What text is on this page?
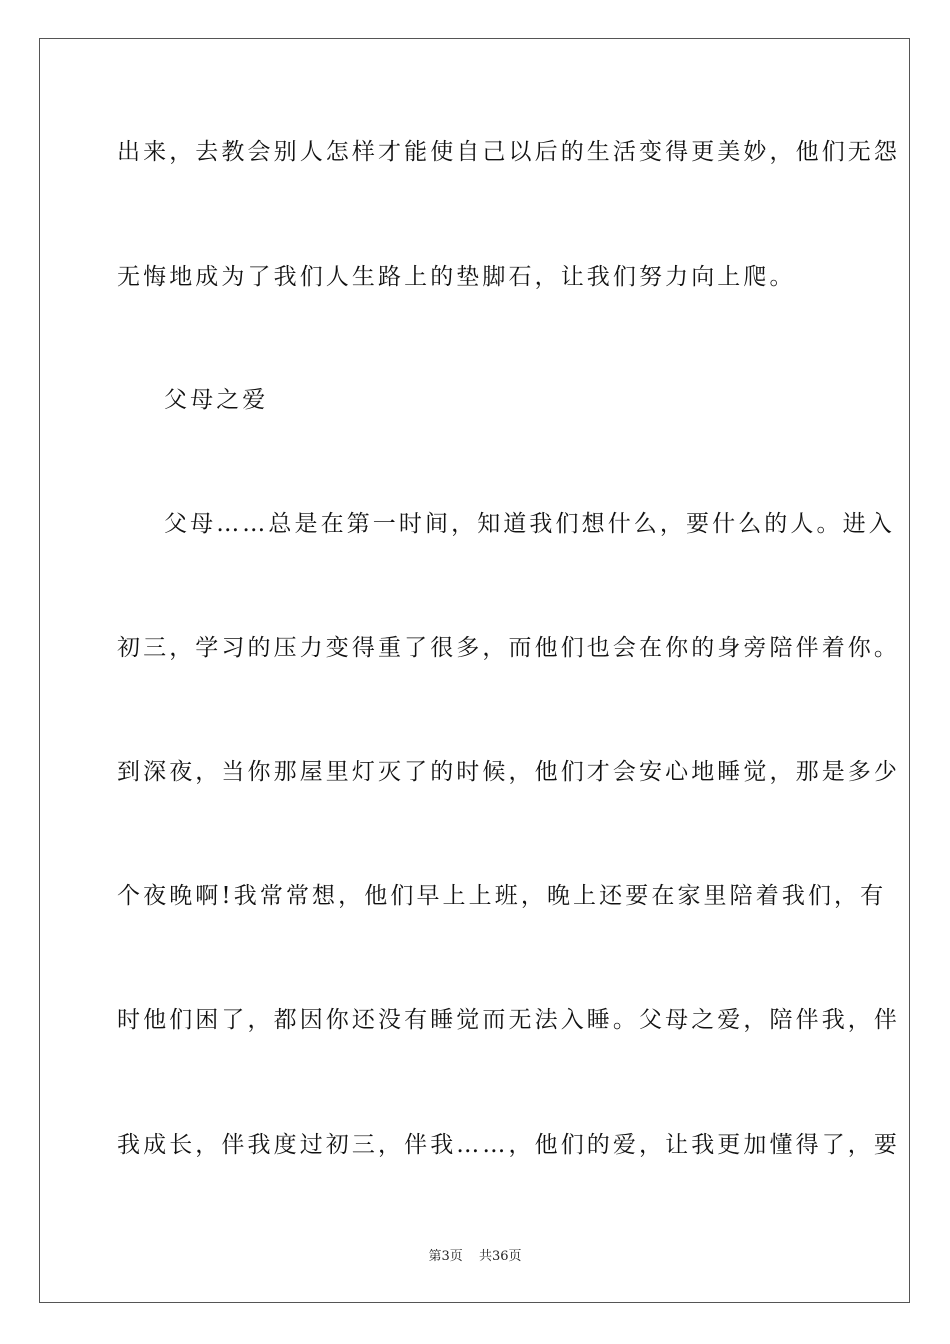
出来，去教会别人怎样才能使自己以后的生活变得更美妙，他们无怨
无悔地成为了我们人生路上的垫脚石，让我们努力向上爬。
父母之爱
父母……总是在第一时间，知道我们想什么，要什么的人。进入
初三，学习的压力变得重了很多，而他们也会在你的身旁陪伴着你。
到深夜，当你那屋里灯灭了的时候，他们才会安心地睡觉，那是多少
个夜晚啊!我常常想，他们早上上班，晚上还要在家里陪着我们，有
时他们困了，都因你还没有睡觉而无法入睡。父母之爱，陪伴我，伴
我成长，伴我度过初三，伴我……，他们的爱，让我更加懂得了，要
第3页 共36页
